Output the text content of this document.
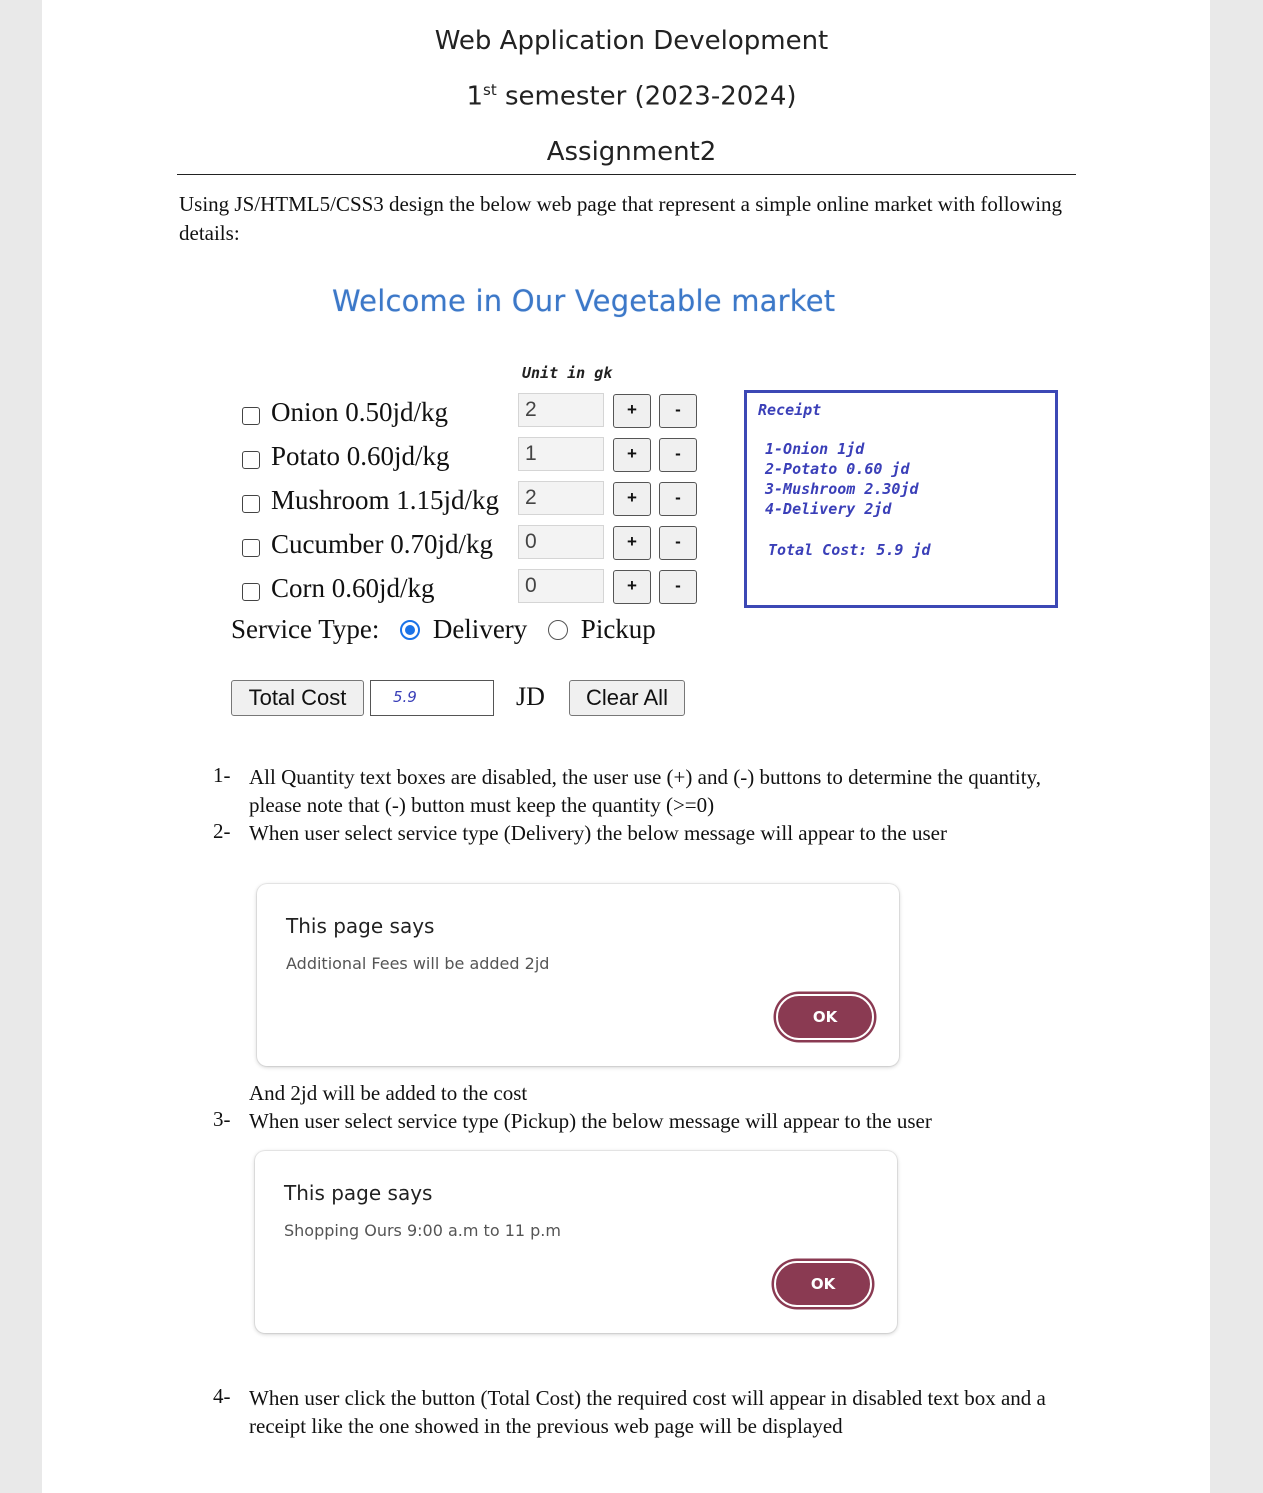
Web Application Development
1st semester (2023-2024)
Assignment2
Using JS/HTML5/CSS3 design the below web page that represent a simple online market with following details:
Welcome in Our Vegetable market
Unit in gk
Onion 0.50jd/kg	2	+	-
Potato 0.60jd/kg	1	+	-
Mushroom 1.15jd/kg	2	+	-
Cucumber 0.70jd/kg	0	+	-
Corn 0.60jd/kg	0	+	-
Service Type: Delivery Pickup
Total Cost	5.9	JD	Clear All
Receipt
1-Onion 1jd
2-Potato 0.60 jd
3-Mushroom 2.30jd
4-Delivery 2jd
Total Cost: 5.9 jd
1- All Quantity text boxes are disabled, the user use (+) and (-) buttons to determine the quantity, please note that (-) button must keep the quantity (>=0)
2- When user select service type (Delivery) the below message will appear to the user
This page says
Additional Fees will be added 2jd
OK
And 2jd will be added to the cost
3- When user select service type (Pickup) the below message will appear to the user
This page says
Shopping Ours 9:00 a.m to 11 p.m
OK
4- When user click the button (Total Cost) the required cost will appear in disabled text box and a receipt like the one showed in the previous web page will be displayed
